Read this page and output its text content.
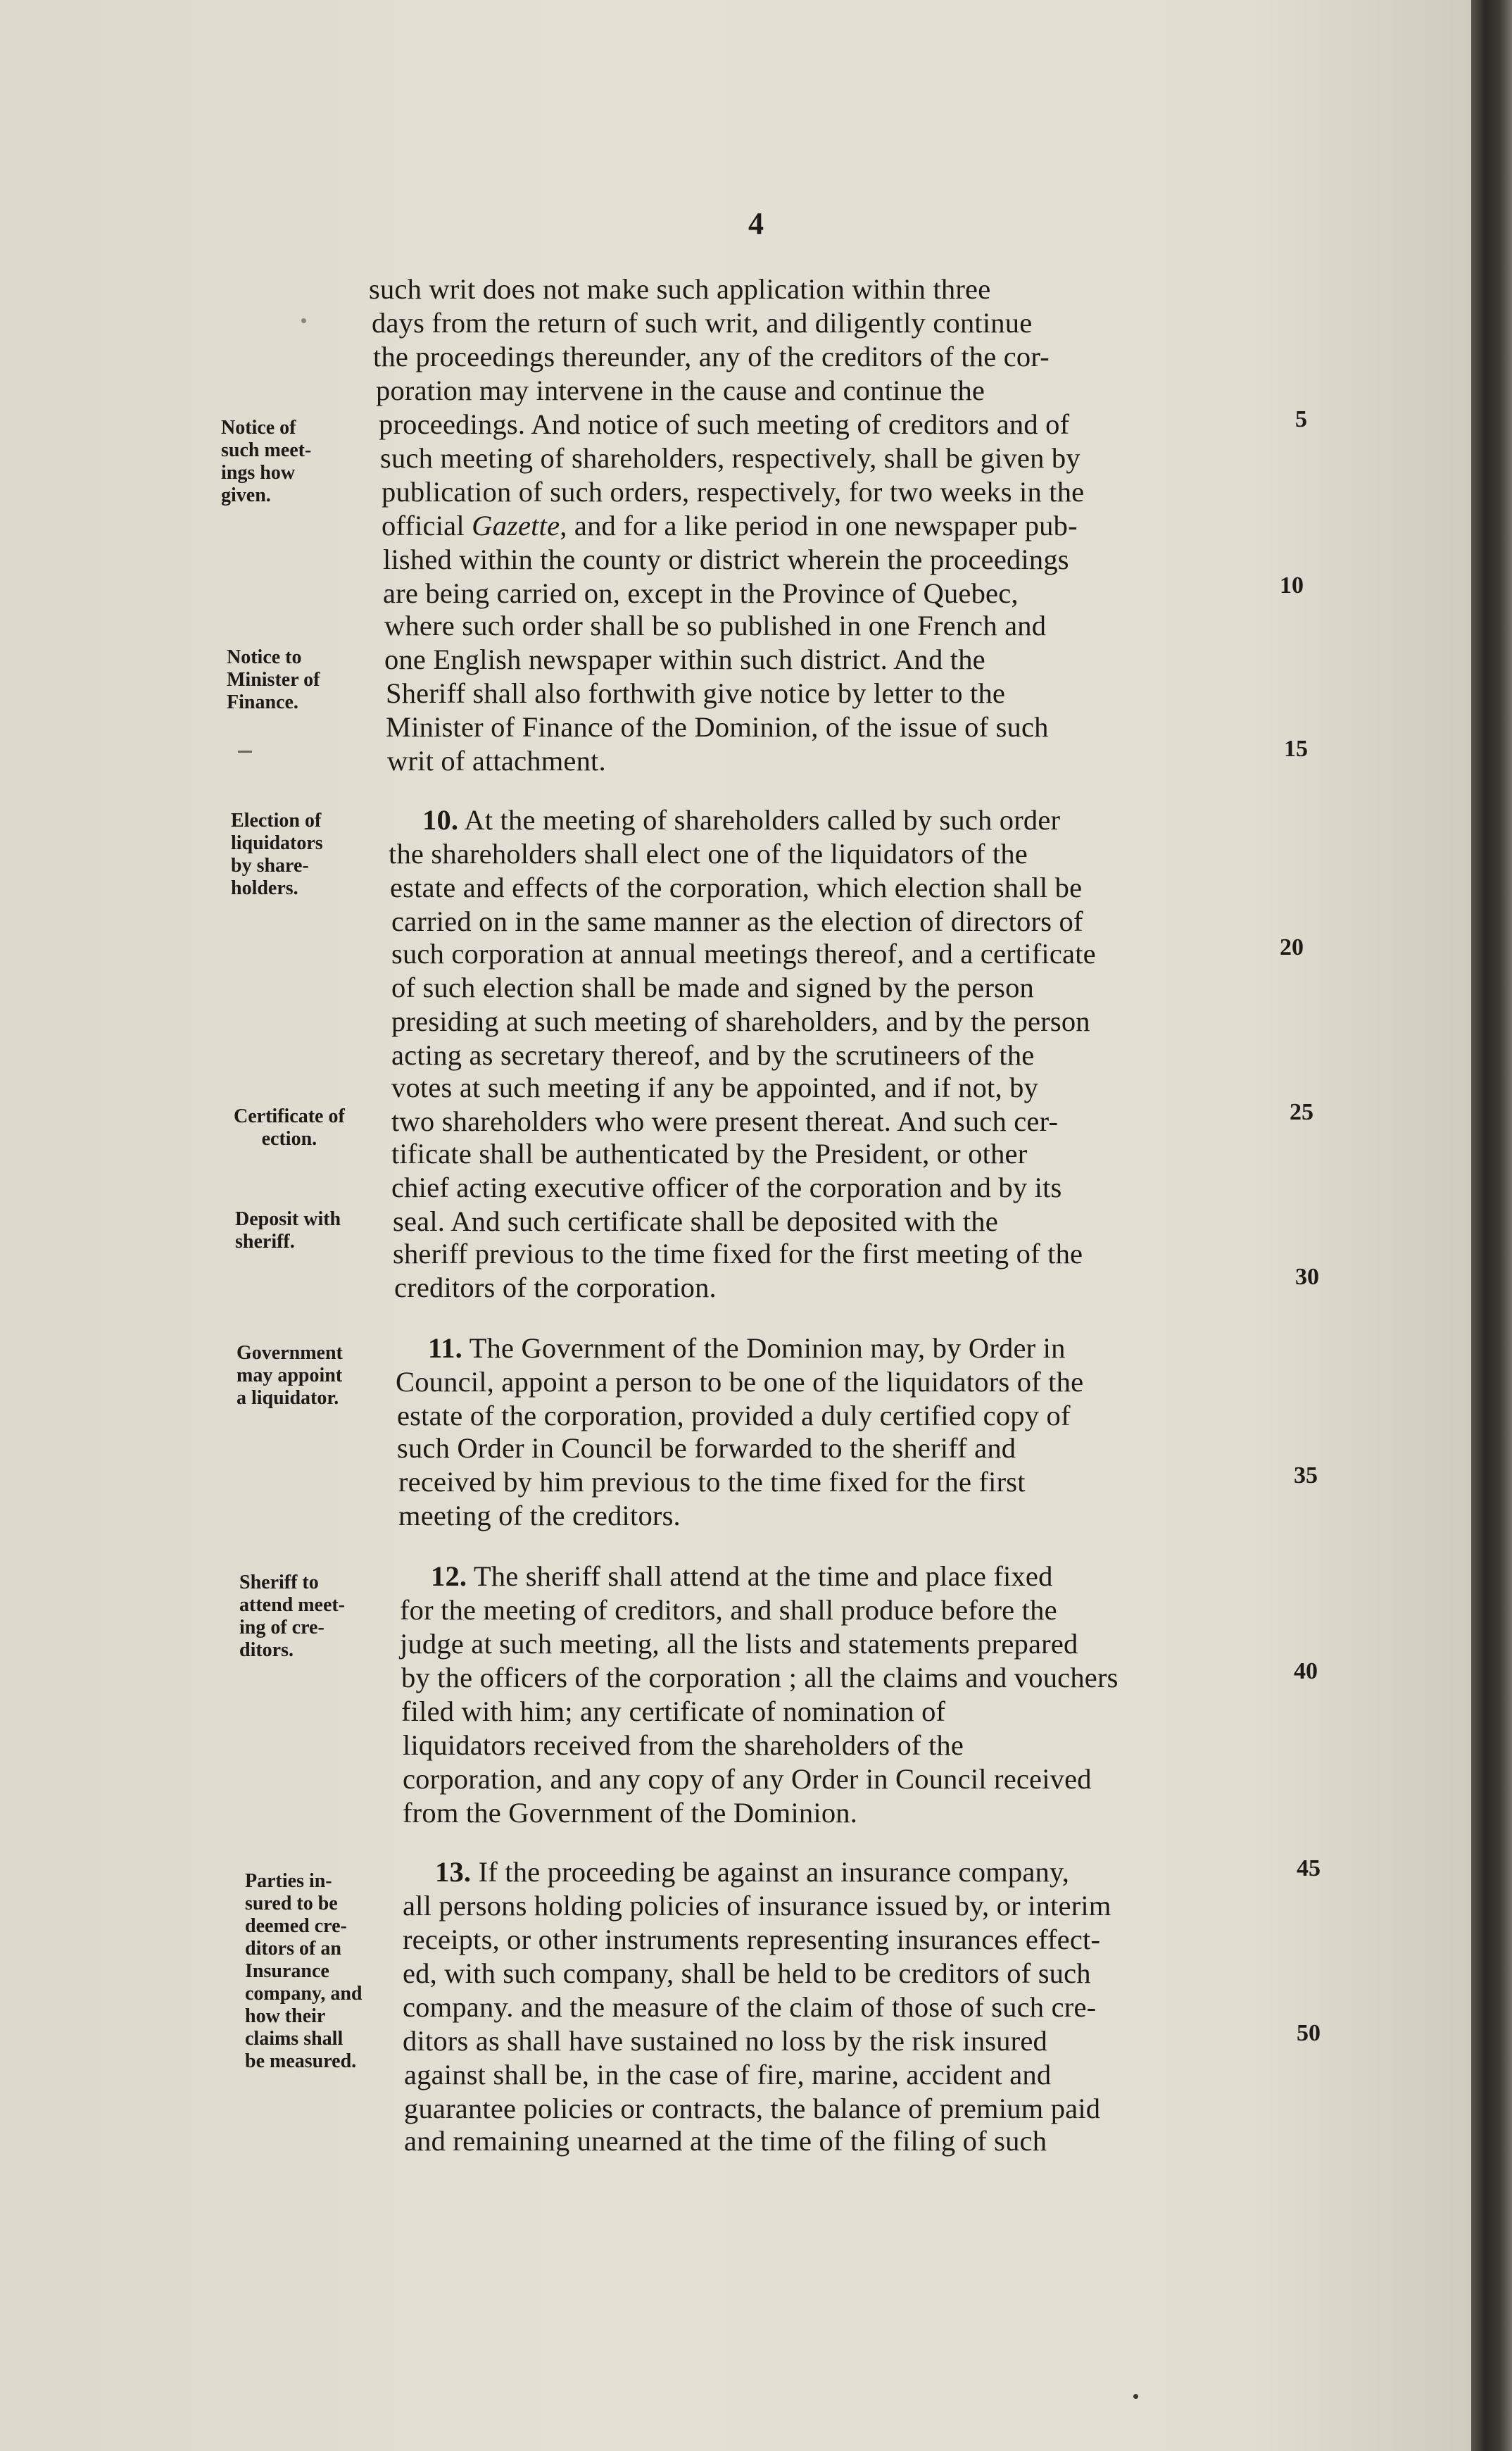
4
such writ does not make such application within three
days from the return of such writ, and diligently continue
the proceedings thereunder, any of the creditors of the cor-
poration may intervene in the cause and continue the
proceedings. And notice of such meeting of creditors and of
such meeting of shareholders, respectively, shall be given by
publication of such orders, respectively, for two weeks in the
official Gazette, and for a like period in one newspaper pub-
lished within the county or district wherein the proceedings
are being carried on, except in the Province of Quebec,
where such order shall be so published in one French and
one English newspaper within such district. And the
Sheriff shall also forthwith give notice by letter to the
Minister of Finance of the Dominion, of the issue of such
writ of attachment.
10. At the meeting of shareholders called by such order
the shareholders shall elect one of the liquidators of the
estate and effects of the corporation, which election shall be
carried on in the same manner as the election of directors of
such corporation at annual meetings thereof, and a certificate
of such election shall be made and signed by the person
presiding at such meeting of shareholders, and by the person
acting as secretary thereof, and by the scrutineers of the
votes at such meeting if any be appointed, and if not, by
two shareholders who were present thereat. And such cer-
tificate shall be authenticated by the President, or other
chief acting executive officer of the corporation and by its
seal. And such certificate shall be deposited with the
sheriff previous to the time fixed for the first meeting of the
creditors of the corporation.
11. The Government of the Dominion may, by Order in
Council, appoint a person to be one of the liquidators of the
estate of the corporation, provided a duly certified copy of
such Order in Council be forwarded to the sheriff and
received by him previous to the time fixed for the first
meeting of the creditors.
12. The sheriff shall attend at the time and place fixed
for the meeting of creditors, and shall produce before the
judge at such meeting, all the lists and statements prepared
by the officers of the corporation ; all the claims and vouchers
filed with him; any certificate of nomination of
liquidators received from the shareholders of the
corporation, and any copy of any Order in Council received
from the Government of the Dominion.
13. If the proceeding be against an insurance company,
all persons holding policies of insurance issued by, or interim
receipts, or other instruments representing insurances effect-
ed, with such company, shall be held to be creditors of such
company. and the measure of the claim of those of such cre-
ditors as shall have sustained no loss by the risk insured
against shall be, in the case of fire, marine, accident and
guarantee policies or contracts, the balance of premium paid
and remaining unearned at the time of the filing of such
5
10
15
20
25
30
35
40
45
50
Notice of
such meet-
ings how
given.
Notice to
Minister of
Finance.
Election of
liquidators
by share-
holders.
Certificate of
ection.
Deposit with
sheriff.
Government
may appoint
a liquidator.
Sheriff to
attend meet-
ing of cre-
ditors.
Parties in-
sured to be
deemed cre-
ditors of an
Insurance
company, and
how their
claims shall
be measured.
